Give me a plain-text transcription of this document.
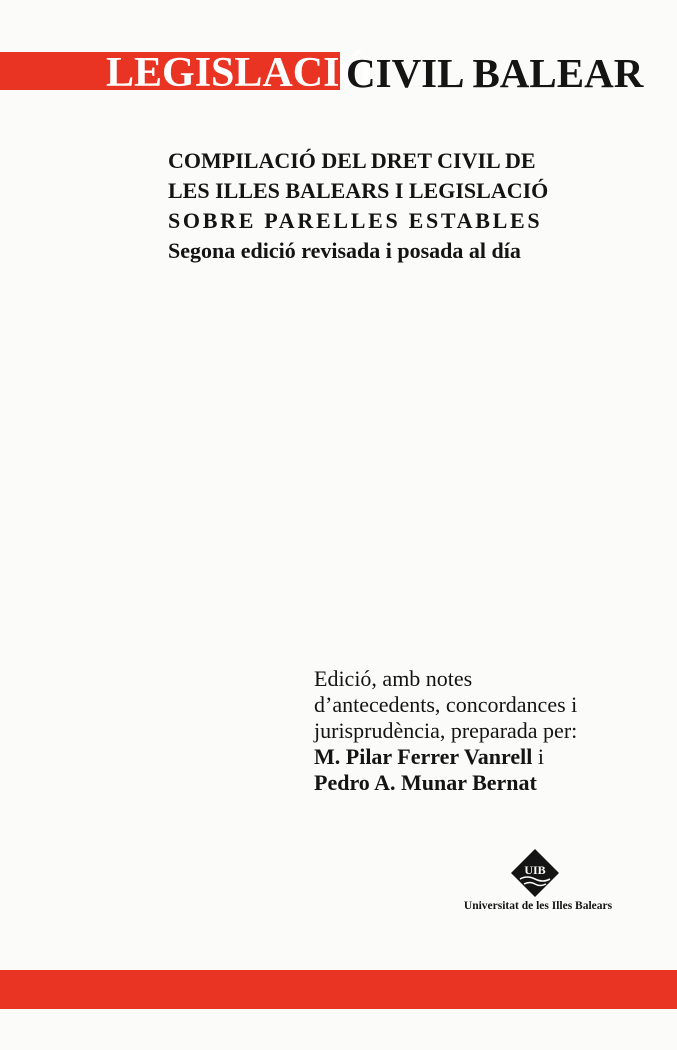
LEGISLACIÓ
CIVIL BALEAR
COMPILACIÓ DEL DRET CIVIL DE
LES ILLES BALEARS I LEGISLACIÓ
SOBRE PARELLES ESTABLES
Segona edició revisada i posada al día
Edició, amb notes
d’antecedents, concordances i
jurisprudència, preparada per:
M. Pilar Ferrer Vanrell i
Pedro A. Munar Bernat
UIB
Universitat de les Illes Balears
